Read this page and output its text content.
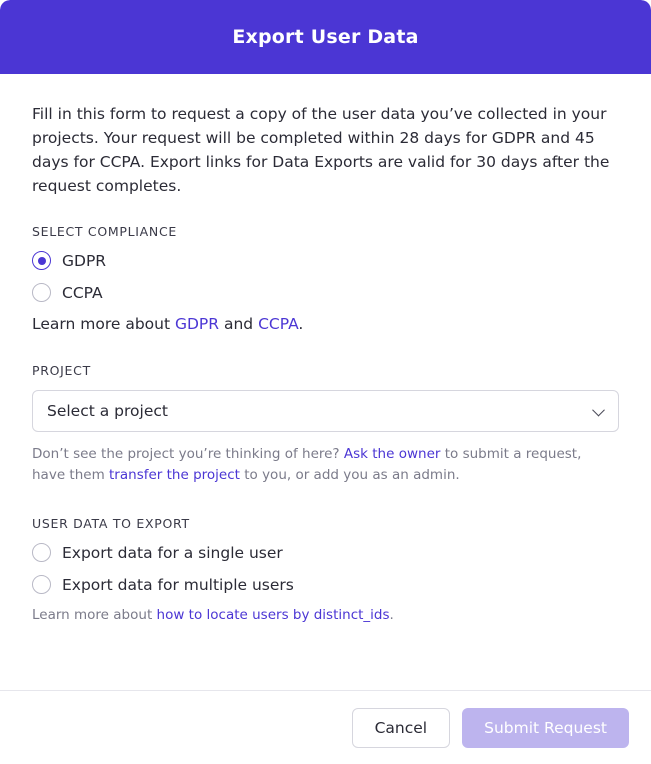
Export User Data

Fill in this form to request a copy of the user data you’ve collected in your projects. Your request will be completed within 28 days for GDPR and 45 days for CCPA. Export links for Data Exports are valid for 30 days after the request completes.

SELECT COMPLIANCE
GDPR
CCPA

Learn more about GDPR and CCPA.

PROJECT
Select a project

Don’t see the project you’re thinking of here? Ask the owner to submit a request, have them transfer the project to you, or add you as an admin.

USER DATA TO EXPORT
Export data for a single user
Export data for multiple users

Learn more about how to locate users by distinct_ids.

Cancel	Submit Request
